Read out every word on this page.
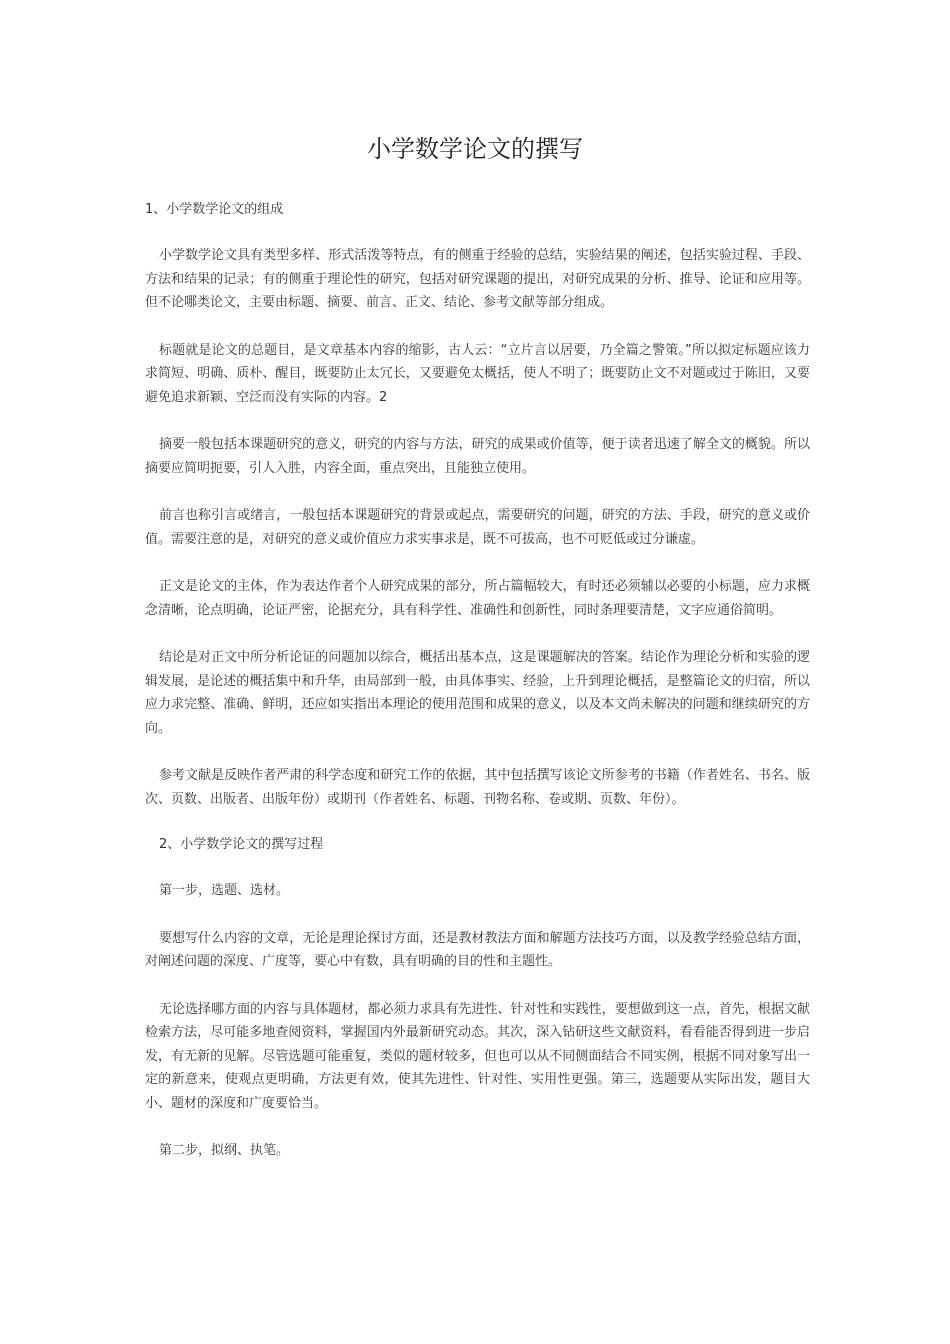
小学数学论文的撰写
1、小学数学论文的组成

小学数学论文具有类型多样、形式活泼等特点，有的侧重于经验的总结，实验结果的阐述，包括实验过程、手段、方法和结果的记录；有的侧重于理论性的研究，包括对研究课题的提出，对研究成果的分析、推导、论证和应用等。但不论哪类论文，主要由标题、摘要、前言、正文、结论、参考文献等部分组成。

标题就是论文的总题目，是文章基本内容的缩影，古人云：“立片言以居要，乃全篇之警策。”所以拟定标题应该力求简短、明确、质朴、醒目，既要防止太冗长，又要避免太概括，使人不明了；既要防止文不对题或过于陈旧，又要避免追求新颖、空泛而没有实际的内容。2

摘要一般包括本课题研究的意义，研究的内容与方法，研究的成果或价值等，便于读者迅速了解全文的概貌。所以摘要应简明扼要，引人入胜，内容全面，重点突出，且能独立使用。

前言也称引言或绪言，一般包括本课题研究的背景或起点，需要研究的问题，研究的方法、手段，研究的意义或价值。需要注意的是，对研究的意义或价值应力求实事求是，既不可拔高，也不可贬低或过分谦虚。

正文是论文的主体，作为表达作者个人研究成果的部分，所占篇幅较大，有时还必须辅以必要的小标题，应力求概念清晰，论点明确，论证严密，论据充分，具有科学性、准确性和创新性，同时条理要清楚，文字应通俗简明。

结论是对正文中所分析论证的问题加以综合，概括出基本点，这是课题解决的答案。结论作为理论分析和实验的逻辑发展，是论述的概括集中和升华，由局部到一般，由具体事实、经验，上升到理论概括，是整篇论文的归宿，所以应力求完整、准确、鲜明，还应如实指出本理论的使用范围和成果的意义，以及本文尚未解决的问题和继续研究的方向。

参考文献是反映作者严肃的科学态度和研究工作的依据，其中包括撰写该论文所参考的书籍（作者姓名、书名、版次、页数、出版者、出版年份）或期刊（作者姓名、标题、刊物名称、卷或期、页数、年份）。

2、小学数学论文的撰写过程

第一步，选题、选材。

要想写什么内容的文章，无论是理论探讨方面，还是教材教法方面和解题方法技巧方面，以及教学经验总结方面，对阐述问题的深度、广度等，要心中有数，具有明确的目的性和主题性。

无论选择哪方面的内容与具体题材，都必须力求具有先进性、针对性和实践性，要想做到这一点，首先，根据文献检索方法，尽可能多地查阅资料，掌握国内外最新研究动态。其次，深入钻研这些文献资料，看看能否得到进一步启发，有无新的见解。尽管选题可能重复，类似的题材较多，但也可以从不同侧面结合不同实例，根据不同对象写出一定的新意来，使观点更明确，方法更有效，使其先进性、针对性、实用性更强。第三，选题要从实际出发，题目大小、题材的深度和广度要恰当。

第二步，拟纲、执笔。
